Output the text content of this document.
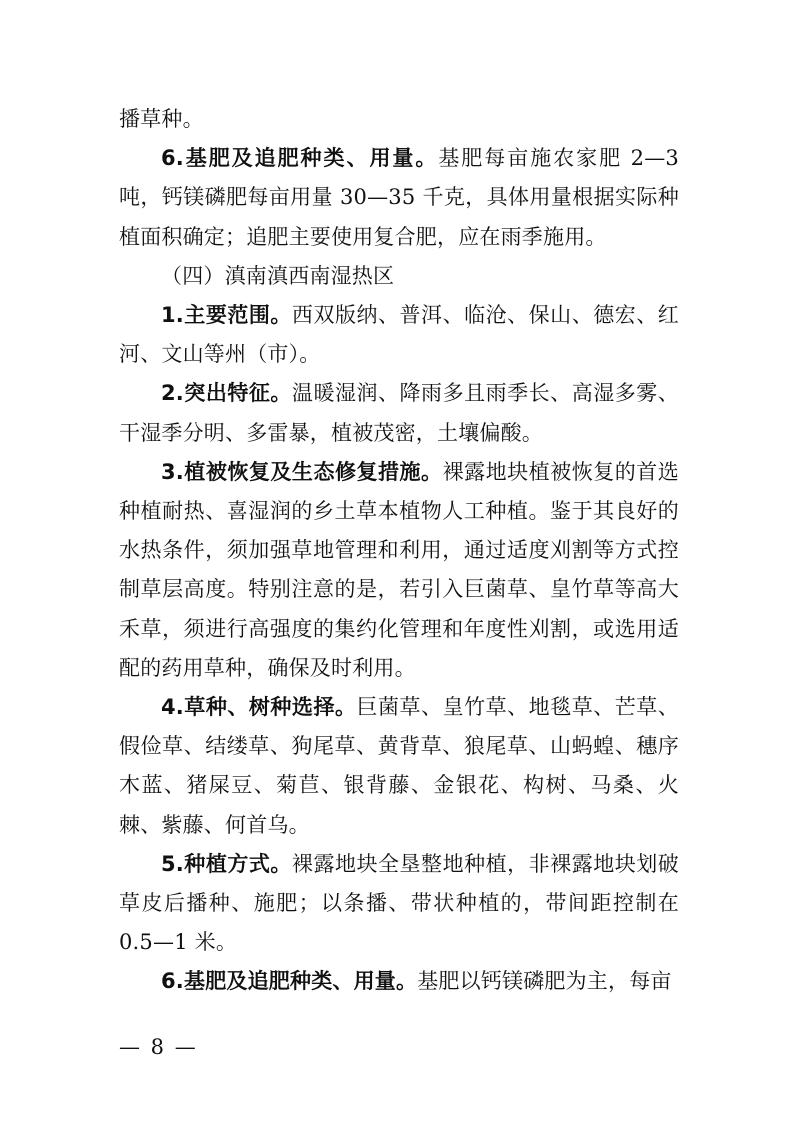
播草种。

6.基肥及追肥种类、用量。基肥每亩施农家肥 2—3 吨，钙镁磷肥每亩用量 30—35 千克，具体用量根据实际种植面积确定；追肥主要使用复合肥，应在雨季施用。

（四）滇南滇西南湿热区

1.主要范围。西双版纳、普洱、临沧、保山、德宏、红河、文山等州（市）。

2.突出特征。温暖湿润、降雨多且雨季长、高湿多雾、干湿季分明、多雷暴，植被茂密，土壤偏酸。

3.植被恢复及生态修复措施。裸露地块植被恢复的首选种植耐热、喜湿润的乡土草本植物人工种植。鉴于其良好的水热条件，须加强草地管理和利用，通过适度刈割等方式控制草层高度。特别注意的是，若引入巨菌草、皇竹草等高大禾草，须进行高强度的集约化管理和年度性刈割，或选用适配的药用草种，确保及时利用。

4.草种、树种选择。巨菌草、皇竹草、地毯草、芒草、假俭草、结缕草、狗尾草、黄背草、狼尾草、山蚂蝗、穗序木蓝、猪屎豆、菊苣、银背藤、金银花、构树、马桑、火棘、紫藤、何首乌。

5.种植方式。裸露地块全垦整地种植，非裸露地块划破草皮后播种、施肥；以条播、带状种植的，带间距控制在 0.5—1 米。

6.基肥及追肥种类、用量。基肥以钙镁磷肥为主，每亩

— 8 —
